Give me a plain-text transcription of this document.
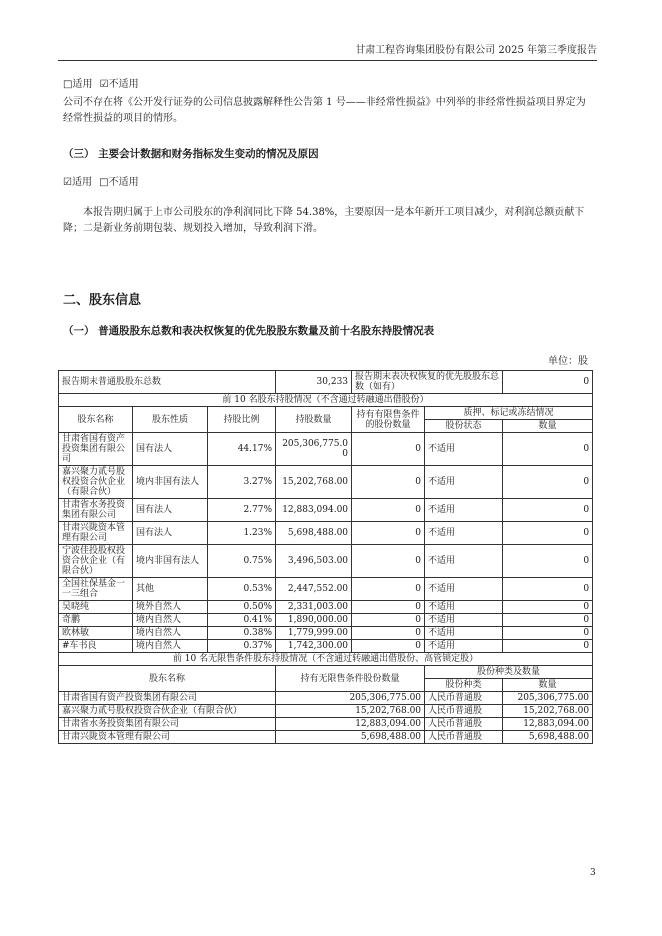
甘肃工程咨询集团股份有限公司 2025 年第三季度报告
□适用 ☑不适用
公司不存在将《公开发行证券的公司信息披露解释性公告第 1 号——非经常性损益》中列举的非经常性损益项目界定为经常性损益的项目的情形。
（三） 主要会计数据和财务指标发生变动的情况及原因
☑适用 □不适用
本报告期归属于上市公司股东的净利润同比下降 54.38%，主要原因一是本年新开工项目减少，对利润总额贡献下降；二是新业务前期包装、规划投入增加，导致利润下滑。
二、股东信息
（一） 普通股股东总数和表决权恢复的优先股股东数量及前十名股东持股情况表
单位：股
报告期末普通股股东总数			30,233	报告期末表决权恢复的优先股股东总数（如有）		0
前 10 名股东持股情况（不含通过转融通出借股份）						
股东名称	股东性质	持股比例	持股数量	持有有限售条件的股份数量	质押、标记或冻结情况	
					股份状态	数量
甘肃省国有资产投资集团有限公司	国有法人	44.17%	205,306,775.00	0	不适用	0
嘉兴聚力贰号股权投资合伙企业（有限合伙）	境内非国有法人	3.27%	15,202,768.00	0	不适用	0
甘肃省水务投资集团有限公司	国有法人	2.77%	12,883,094.00	0	不适用	0
甘肃兴陇资本管理有限公司	国有法人	1.23%	5,698,488.00	0	不适用	0
宁波佳投股权投资合伙企业（有限合伙）	境内非国有法人	0.75%	3,496,503.00	0	不适用	0
全国社保基金一一三组合	其他	0.53%	2,447,552.00	0	不适用	0
吴晓纯	境外自然人	0.50%	2,331,003.00	0	不适用	0
奇鹏	境内自然人	0.41%	1,890,000.00	0	不适用	0
欧林敏	境内自然人	0.38%	1,779,999.00	0	不适用	0
#车书良	境内自然人	0.37%	1,742,300.00	0	不适用	0
前 10 名无限售条件股东持股情况（不含通过转融通出借股份、高管锁定股）						
股东名称			持有无限售条件股份数量		股份种类及数量	
					股份种类	数量
甘肃省国有资产投资集团有限公司			205,306,775.00		人民币普通股	205,306,775.00
嘉兴聚力贰号股权投资合伙企业（有限合伙）			15,202,768.00		人民币普通股	15,202,768.00
甘肃省水务投资集团有限公司			12,883,094.00		人民币普通股	12,883,094.00
甘肃兴陇资本管理有限公司			5,698,488.00		人民币普通股	5,698,488.00
3
